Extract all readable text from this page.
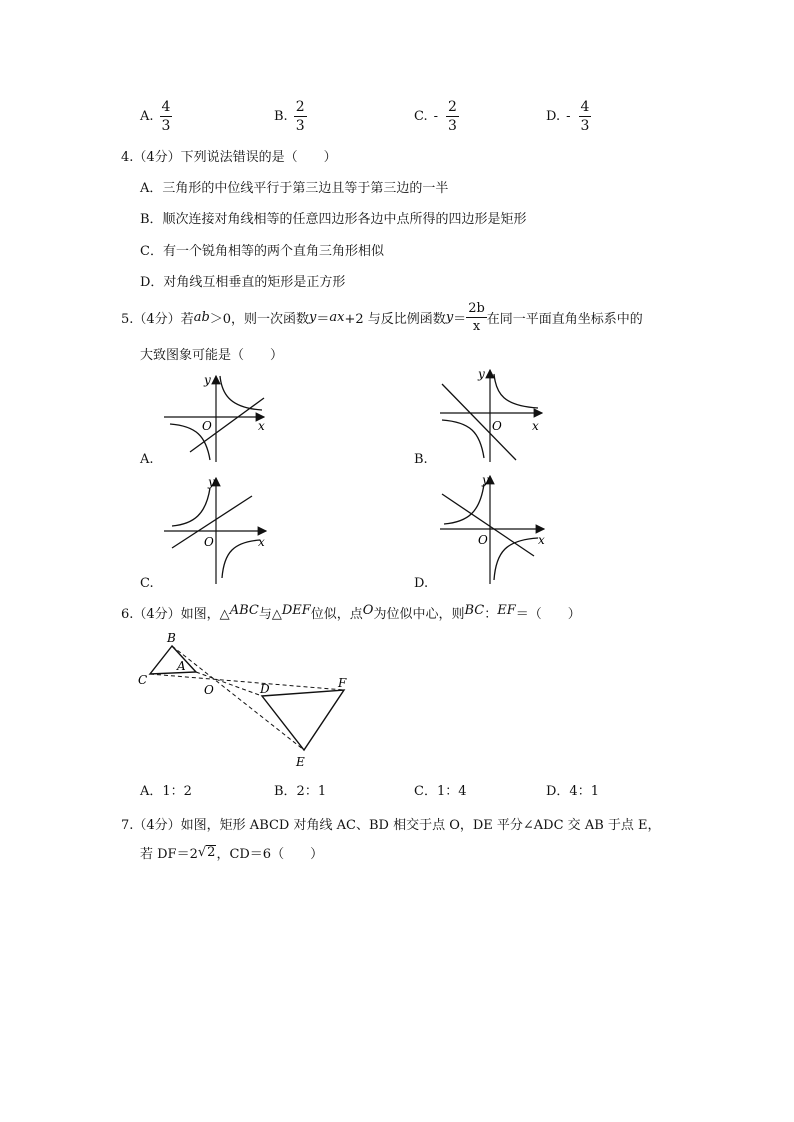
A. $\frac{4}{3}$	B. $\frac{2}{3}$	C. - $\frac{2}{3}$	D. - $\frac{4}{3}$
4.（4分）下列说法错误的是（　　）
A．三角形的中位线平行于第三边且等于第三边的一半
B．顺次连接对角线相等的任意四边形各边中点所得的四边形是矩形
C．有一个锐角相等的两个直角三角形相似
D．对角线互相垂直的矩形是正方形
5.（4分）若 ab ＞0，则一次函数 y ＝ ax +2 与反比例函数 $y = \frac{2b}{x}$ 在同一平面直角坐标系中的
大致图象可能是（　　）
O	x
y
A.
O	x
y
B.
O	x
y
C.
O	x
y
D.
6.（4分）如图，△ ABC 与△ DEF 位似，点 O 为位似中心，则 BC ： EF ＝（　　）
B
A
C
O	D	F
E
A．1：2	B．2：1	C．1：4	D．4：1
7.（4分）如图，矩形 ABCD 对角线 AC、BD 相交于点 O，DE 平分∠ADC 交 AB 于点 E，
若 DF＝2 √ 2 ，CD＝6（　　）
